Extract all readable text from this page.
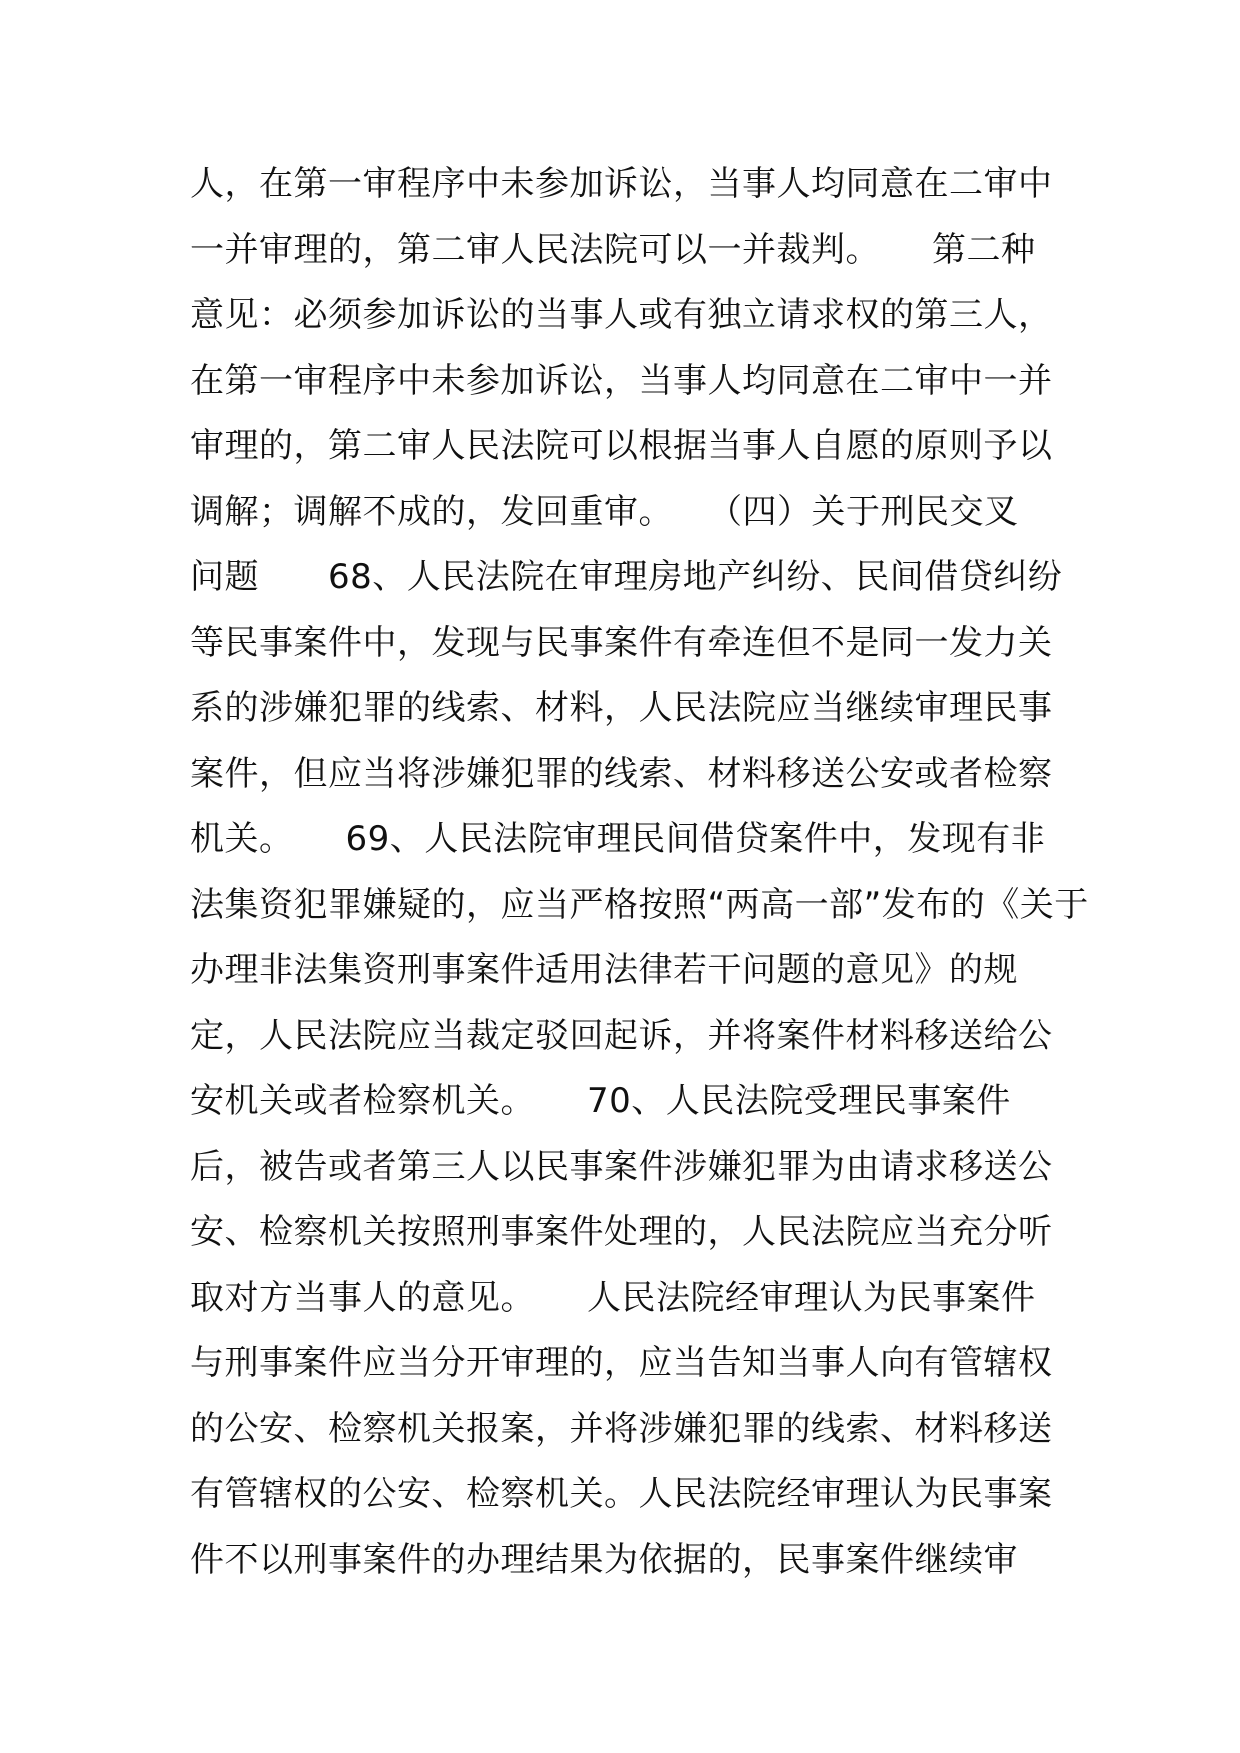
人，在第一审程序中未参加诉讼，当事人均同意在二审中
一并审理的，第二审人民法院可以一并裁判。　　第二种
意见：必须参加诉讼的当事人或有独立请求权的第三人，
在第一审程序中未参加诉讼，当事人均同意在二审中一并
审理的，第二审人民法院可以根据当事人自愿的原则予以
调解；调解不成的，发回重审。　　（四）关于刑民交叉
问题　　68、人民法院在审理房地产纠纷、民间借贷纠纷
等民事案件中，发现与民事案件有牵连但不是同一发力关
系的涉嫌犯罪的线索、材料，人民法院应当继续审理民事
案件，但应当将涉嫌犯罪的线索、材料移送公安或者检察
机关。　　69、人民法院审理民间借贷案件中，发现有非
法集资犯罪嫌疑的，应当严格按照“两高一部”发布的《关于
办理非法集资刑事案件适用法律若干问题的意见》的规
定，人民法院应当裁定驳回起诉，并将案件材料移送给公
安机关或者检察机关。　　70、人民法院受理民事案件
后，被告或者第三人以民事案件涉嫌犯罪为由请求移送公
安、检察机关按照刑事案件处理的，人民法院应当充分听
取对方当事人的意见。　　人民法院经审理认为民事案件
与刑事案件应当分开审理的，应当告知当事人向有管辖权
的公安、检察机关报案，并将涉嫌犯罪的线索、材料移送
有管辖权的公安、检察机关。人民法院经审理认为民事案
件不以刑事案件的办理结果为依据的，民事案件继续审
